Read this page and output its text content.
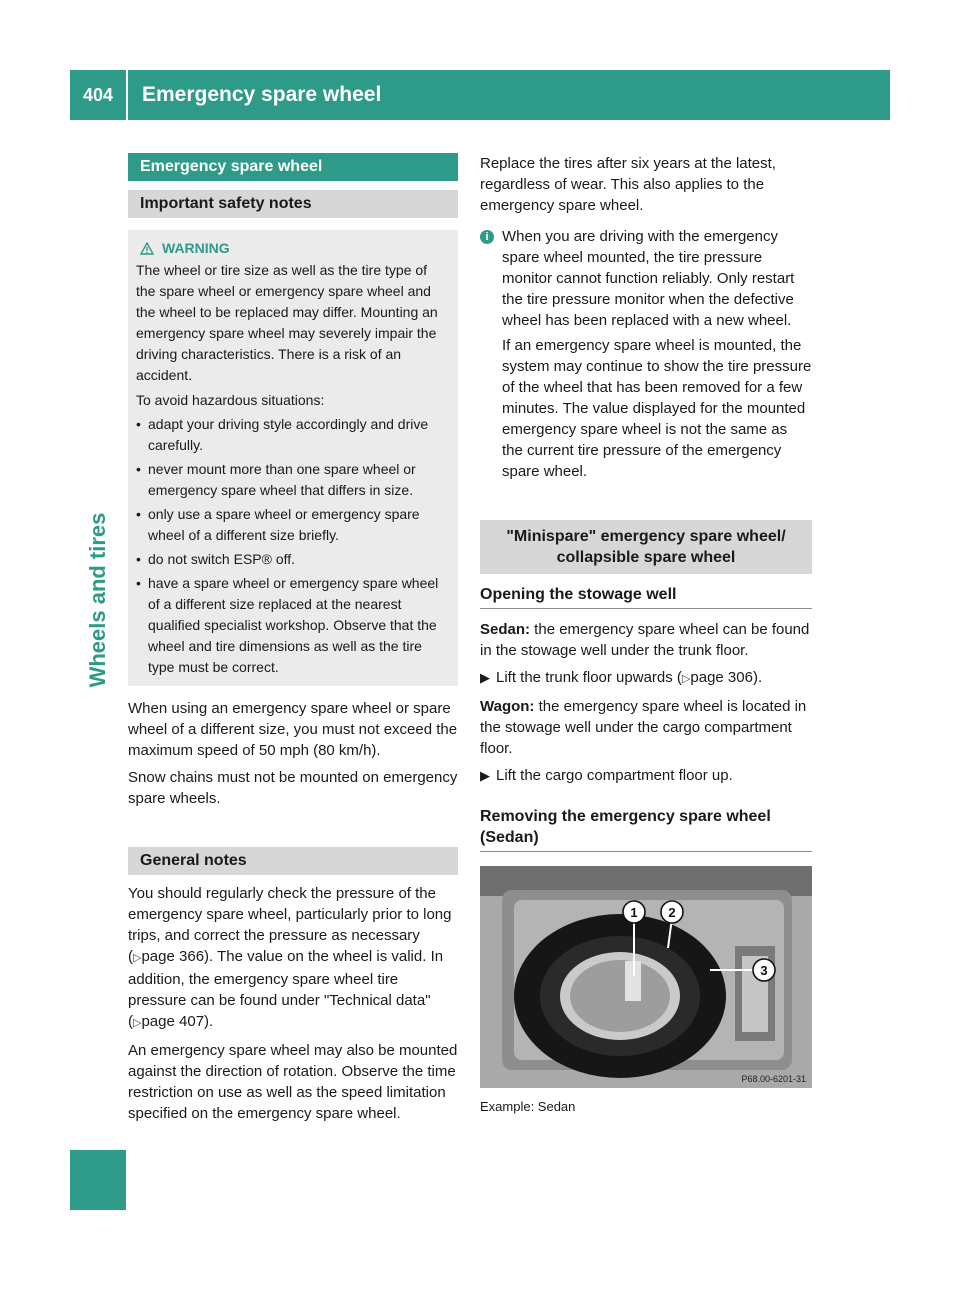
404	Emergency spare wheel
Wheels and tires
Emergency spare wheel
Important safety notes
WARNING

The wheel or tire size as well as the tire type of the spare wheel or emergency spare wheel and the wheel to be replaced may differ. Mounting an emergency spare wheel may severely impair the driving characteristics. There is a risk of an accident.

To avoid hazardous situations:

• adapt your driving style accordingly and drive carefully.
• never mount more than one spare wheel or emergency spare wheel that differs in size.
• only use a spare wheel or emergency spare wheel of a different size briefly.
• do not switch ESP® off.
• have a spare wheel or emergency spare wheel of a different size replaced at the nearest qualified specialist workshop. Observe that the wheel and tire dimensions as well as the tire type must be correct.

When using an emergency spare wheel or spare wheel of a different size, you must not exceed the maximum speed of 50 mph (80 km/h).

Snow chains must not be mounted on emergency spare wheels.

General notes

You should regularly check the pressure of the emergency spare wheel, particularly prior to long trips, and correct the pressure as necessary (▷page 366). The value on the wheel is valid. In addition, the emergency spare wheel tire pressure can be found under "Technical data" (▷page 407).

An emergency spare wheel may also be mounted against the direction of rotation. Observe the time restriction on use as well as the speed limitation specified on the emergency spare wheel.

Replace the tires after six years at the latest, regardless of wear. This also applies to the emergency spare wheel.

i When you are driving with the emergency spare wheel mounted, the tire pressure monitor cannot function reliably. Only restart the tire pressure monitor when the defective wheel has been replaced with a new wheel.

If an emergency spare wheel is mounted, the system may continue to show the tire pressure of the wheel that has been removed for a few minutes. The value displayed for the mounted emergency spare wheel is not the same as the current tire pressure of the emergency spare wheel.

"Minispare" emergency spare wheel/ collapsible spare wheel
Opening the stowage well

Sedan: the emergency spare wheel can be found in the stowage well under the trunk floor.

▶ Lift the trunk floor upwards (▷page 306).

Wagon: the emergency spare wheel is located in the stowage well under the cargo compartment floor.

▶ Lift the cargo compartment floor up.

Removing the emergency spare wheel (Sedan)
1 2
3
P68.00-6201-31
Example: Sedan
